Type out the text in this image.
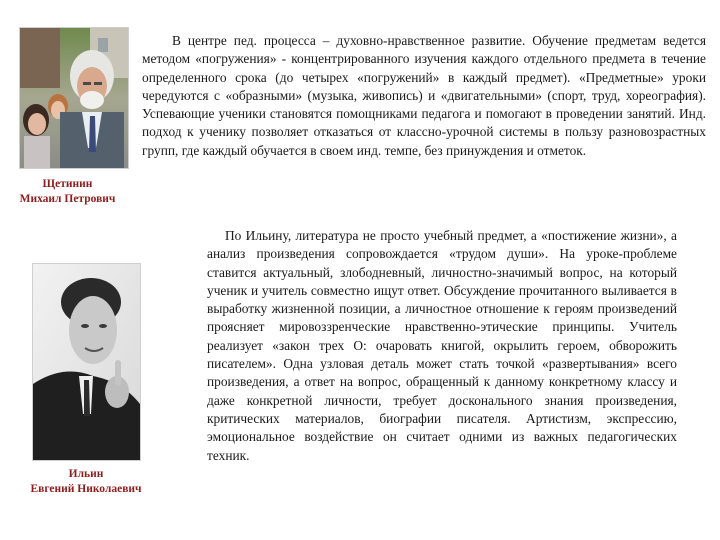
Щетинин
Михаил Петрович
Ильин
Евгений Николаевич

В центре пед. процесса – духовно-нравственное развитие. Обучение предметам ведется методом «погружения» - концентрированного изучения каждого отдельного предмета в течение определенного срока (до четырех «погружений» в каждый предмет). «Предметные» уроки чередуются с «образными» (музыка, живопись) и «двигательными» (спорт, труд, хореография). Успевающие ученики становятся помощниками педагога и помогают в проведении занятий. Инд. подход к ученику позволяет отказаться от классно-урочной системы в пользу разновозрастных групп, где каждый обучается в своем инд. темпе, без принуждения и отметок.

По Ильину, литература не просто учебный предмет, а «постижение жизни», а анализ произведения сопровождается «трудом души». На уроке-проблеме ставится актуальный, злободневный, личностно-значимый вопрос, на который ученик и учитель совместно ищут ответ. Обсуждение прочитанного выливается в выработку жизненной позиции, а личностное отношение к героям произведений проясняет мировоззренческие нравственно-этические принципы. Учитель реализует «закон трех О: очаровать книгой, окрылить героем, обворожить писателем». Одна узловая деталь может стать точкой «развертывания» всего произведения, а ответ на вопрос, обращенный к данному конкретному классу и даже конкретной личности, требует досконального знания произведения, критических материалов, биографии писателя. Артистизм, экспрессию, эмоциональное воздействие он считает одними из важных педагогических техник.
